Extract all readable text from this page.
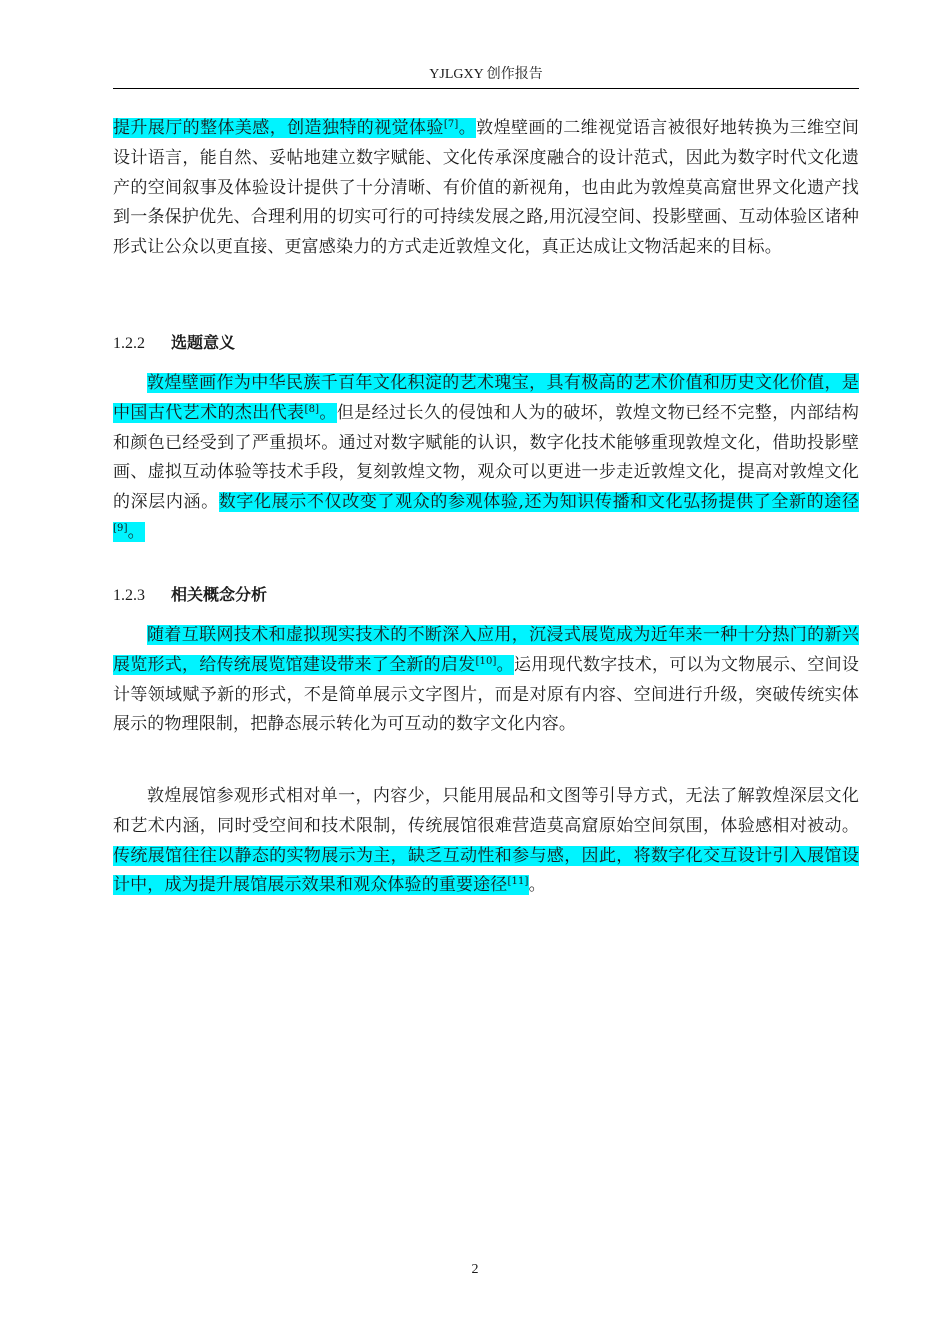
YJLGXY 创作报告

提升展厅的整体美感，创造独特的视觉体验[7]。敦煌壁画的二维视觉语言被很好地转换为三维空间设计语言，能自然、妥帖地建立数字赋能、文化传承深度融合的设计范式，因此为数字时代文化遗产的空间叙事及体验设计提供了十分清晰、有价值的新视角，也由此为敦煌莫高窟世界文化遗产找到一条保护优先、合理利用的切实可行的可持续发展之路,用沉浸空间、投影壁画、互动体验区诸种形式让公众以更直接、更富感染力的方式走近敦煌文化，真正达成让文物活起来的目标。

1.2.2 选题意义

敦煌壁画作为中华民族千百年文化积淀的艺术瑰宝，具有极高的艺术价值和历史文化价值，是中国古代艺术的杰出代表[8]。但是经过长久的侵蚀和人为的破坏，敦煌文物已经不完整，内部结构和颜色已经受到了严重损坏。通过对数字赋能的认识，数字化技术能够重现敦煌文化，借助投影壁画、虚拟互动体验等技术手段，复刻敦煌文物，观众可以更进一步走近敦煌文化，提高对敦煌文化的深层内涵。数字化展示不仅改变了观众的参观体验,还为知识传播和文化弘扬提供了全新的途径[9]。

1.2.3 相关概念分析

随着互联网技术和虚拟现实技术的不断深入应用，沉浸式展览成为近年来一种十分热门的新兴展览形式，给传统展览馆建设带来了全新的启发[10]。运用现代数字技术，可以为文物展示、空间设计等领域赋予新的形式，不是简单展示文字图片，而是对原有内容、空间进行升级，突破传统实体展示的物理限制，把静态展示转化为可互动的数字文化内容。

敦煌展馆参观形式相对单一，内容少，只能用展品和文图等引导方式，无法了解敦煌深层文化和艺术内涵，同时受空间和技术限制，传统展馆很难营造莫高窟原始空间氛围，体验感相对被动。传统展馆往往以静态的实物展示为主，缺乏互动性和参与感，因此，将数字化交互设计引入展馆设计中，成为提升展馆展示效果和观众体验的重要途径[11]。

2
